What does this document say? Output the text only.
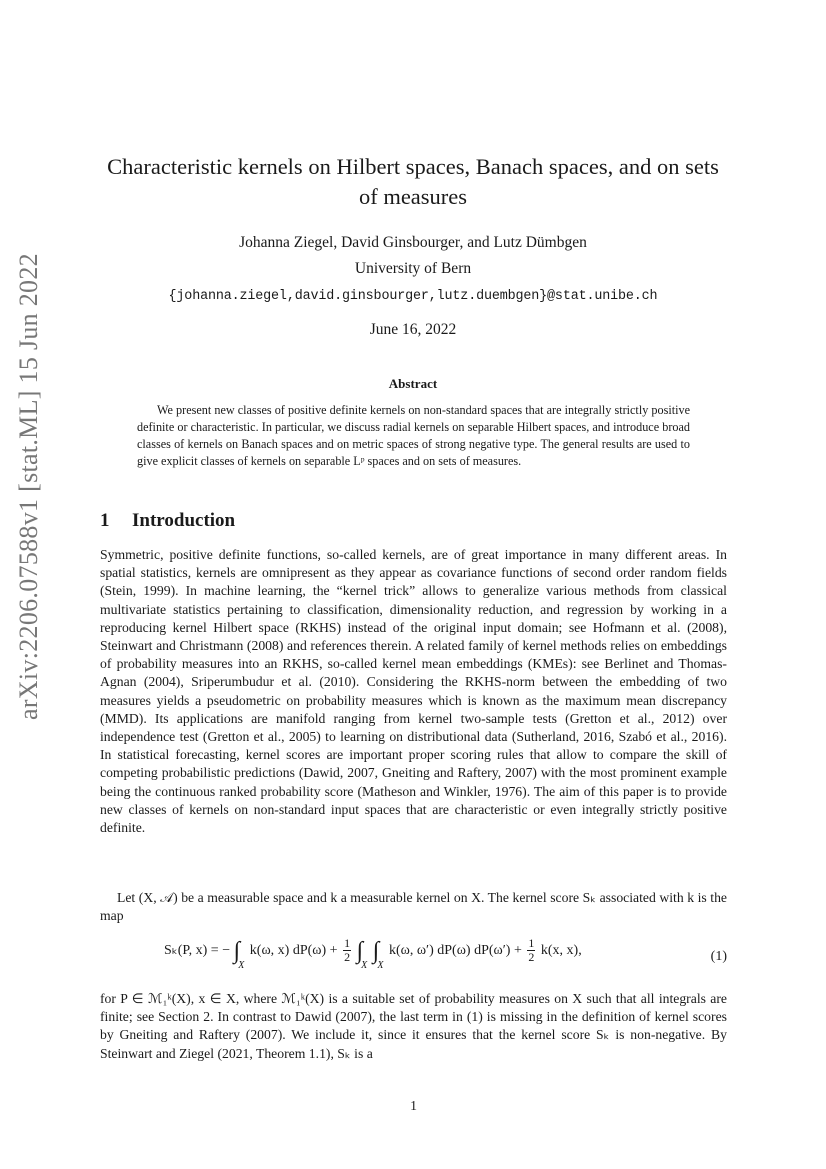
arXiv:2206.07588v1 [stat.ML] 15 Jun 2022
Characteristic kernels on Hilbert spaces, Banach spaces, and on sets of measures
Johanna Ziegel, David Ginsbourger, and Lutz Dümbgen
University of Bern
{johanna.ziegel,david.ginsbourger,lutz.duembgen}@stat.unibe.ch
June 16, 2022
Abstract

We present new classes of positive definite kernels on non-standard spaces that are integrally strictly positive definite or characteristic. In particular, we discuss radial kernels on separable Hilbert spaces, and introduce broad classes of kernels on Banach spaces and on metric spaces of strong negative type. The general results are used to give explicit classes of kernels on separable Lᵖ spaces and on sets of measures.

1 Introduction

Symmetric, positive definite functions, so-called kernels, are of great importance in many different areas. In spatial statistics, kernels are omnipresent as they appear as covariance functions of second order random fields (Stein, 1999). In machine learning, the “kernel trick” allows to generalize various methods from classical multivariate statistics pertaining to classification, dimensionality reduction, and regression by working in a reproducing kernel Hilbert space (RKHS) instead of the original input domain; see Hofmann et al. (2008), Steinwart and Christmann (2008) and references therein. A related family of kernel methods relies on embeddings of probability measures into an RKHS, so-called kernel mean embeddings (KMEs): see Berlinet and Thomas-Agnan (2004), Sriperumbudur et al. (2010). Considering the RKHS-norm between the embedding of two measures yields a pseudometric on probability measures which is known as the maximum mean discrepancy (MMD). Its applications are manifold ranging from kernel two-sample tests (Gretton et al., 2012) over independence test (Gretton et al., 2005) to learning on distributional data (Sutherland, 2016, Szabó et al., 2016). In statistical forecasting, kernel scores are important proper scoring rules that allow to compare the skill of competing probabilistic predictions (Dawid, 2007, Gneiting and Raftery, 2007) with the most prominent example being the continuous ranked probability score (Matheson and Winkler, 1976). The aim of this paper is to provide new classes of kernels on non-standard input spaces that are characteristic or even integrally strictly positive definite.

Let (X, 𝒜) be a measurable space and k a measurable kernel on X. The kernel score Sₖ associated with k is the map

Sₖ(P, x) = − ∫X k(ω, x) $dP(\omega) + \frac{1}{2} \int X$ ∫X k(ω, ω′) dP(ω) $dP(\omega') + \frac{1}{2} k(x$, x),	(1)

for P ∈ ℳ₁ᵏ(X), x ∈ X, where ℳ₁ᵏ(X) is a suitable set of probability measures on X such that all integrals are finite; see Section 2. In contrast to Dawid (2007), the last term in (1) is missing in the definition of kernel scores by Gneiting and Raftery (2007). We include it, since it ensures that the kernel score Sₖ is non-negative. By Steinwart and Ziegel (2021, Theorem 1.1), Sₖ is a

1
